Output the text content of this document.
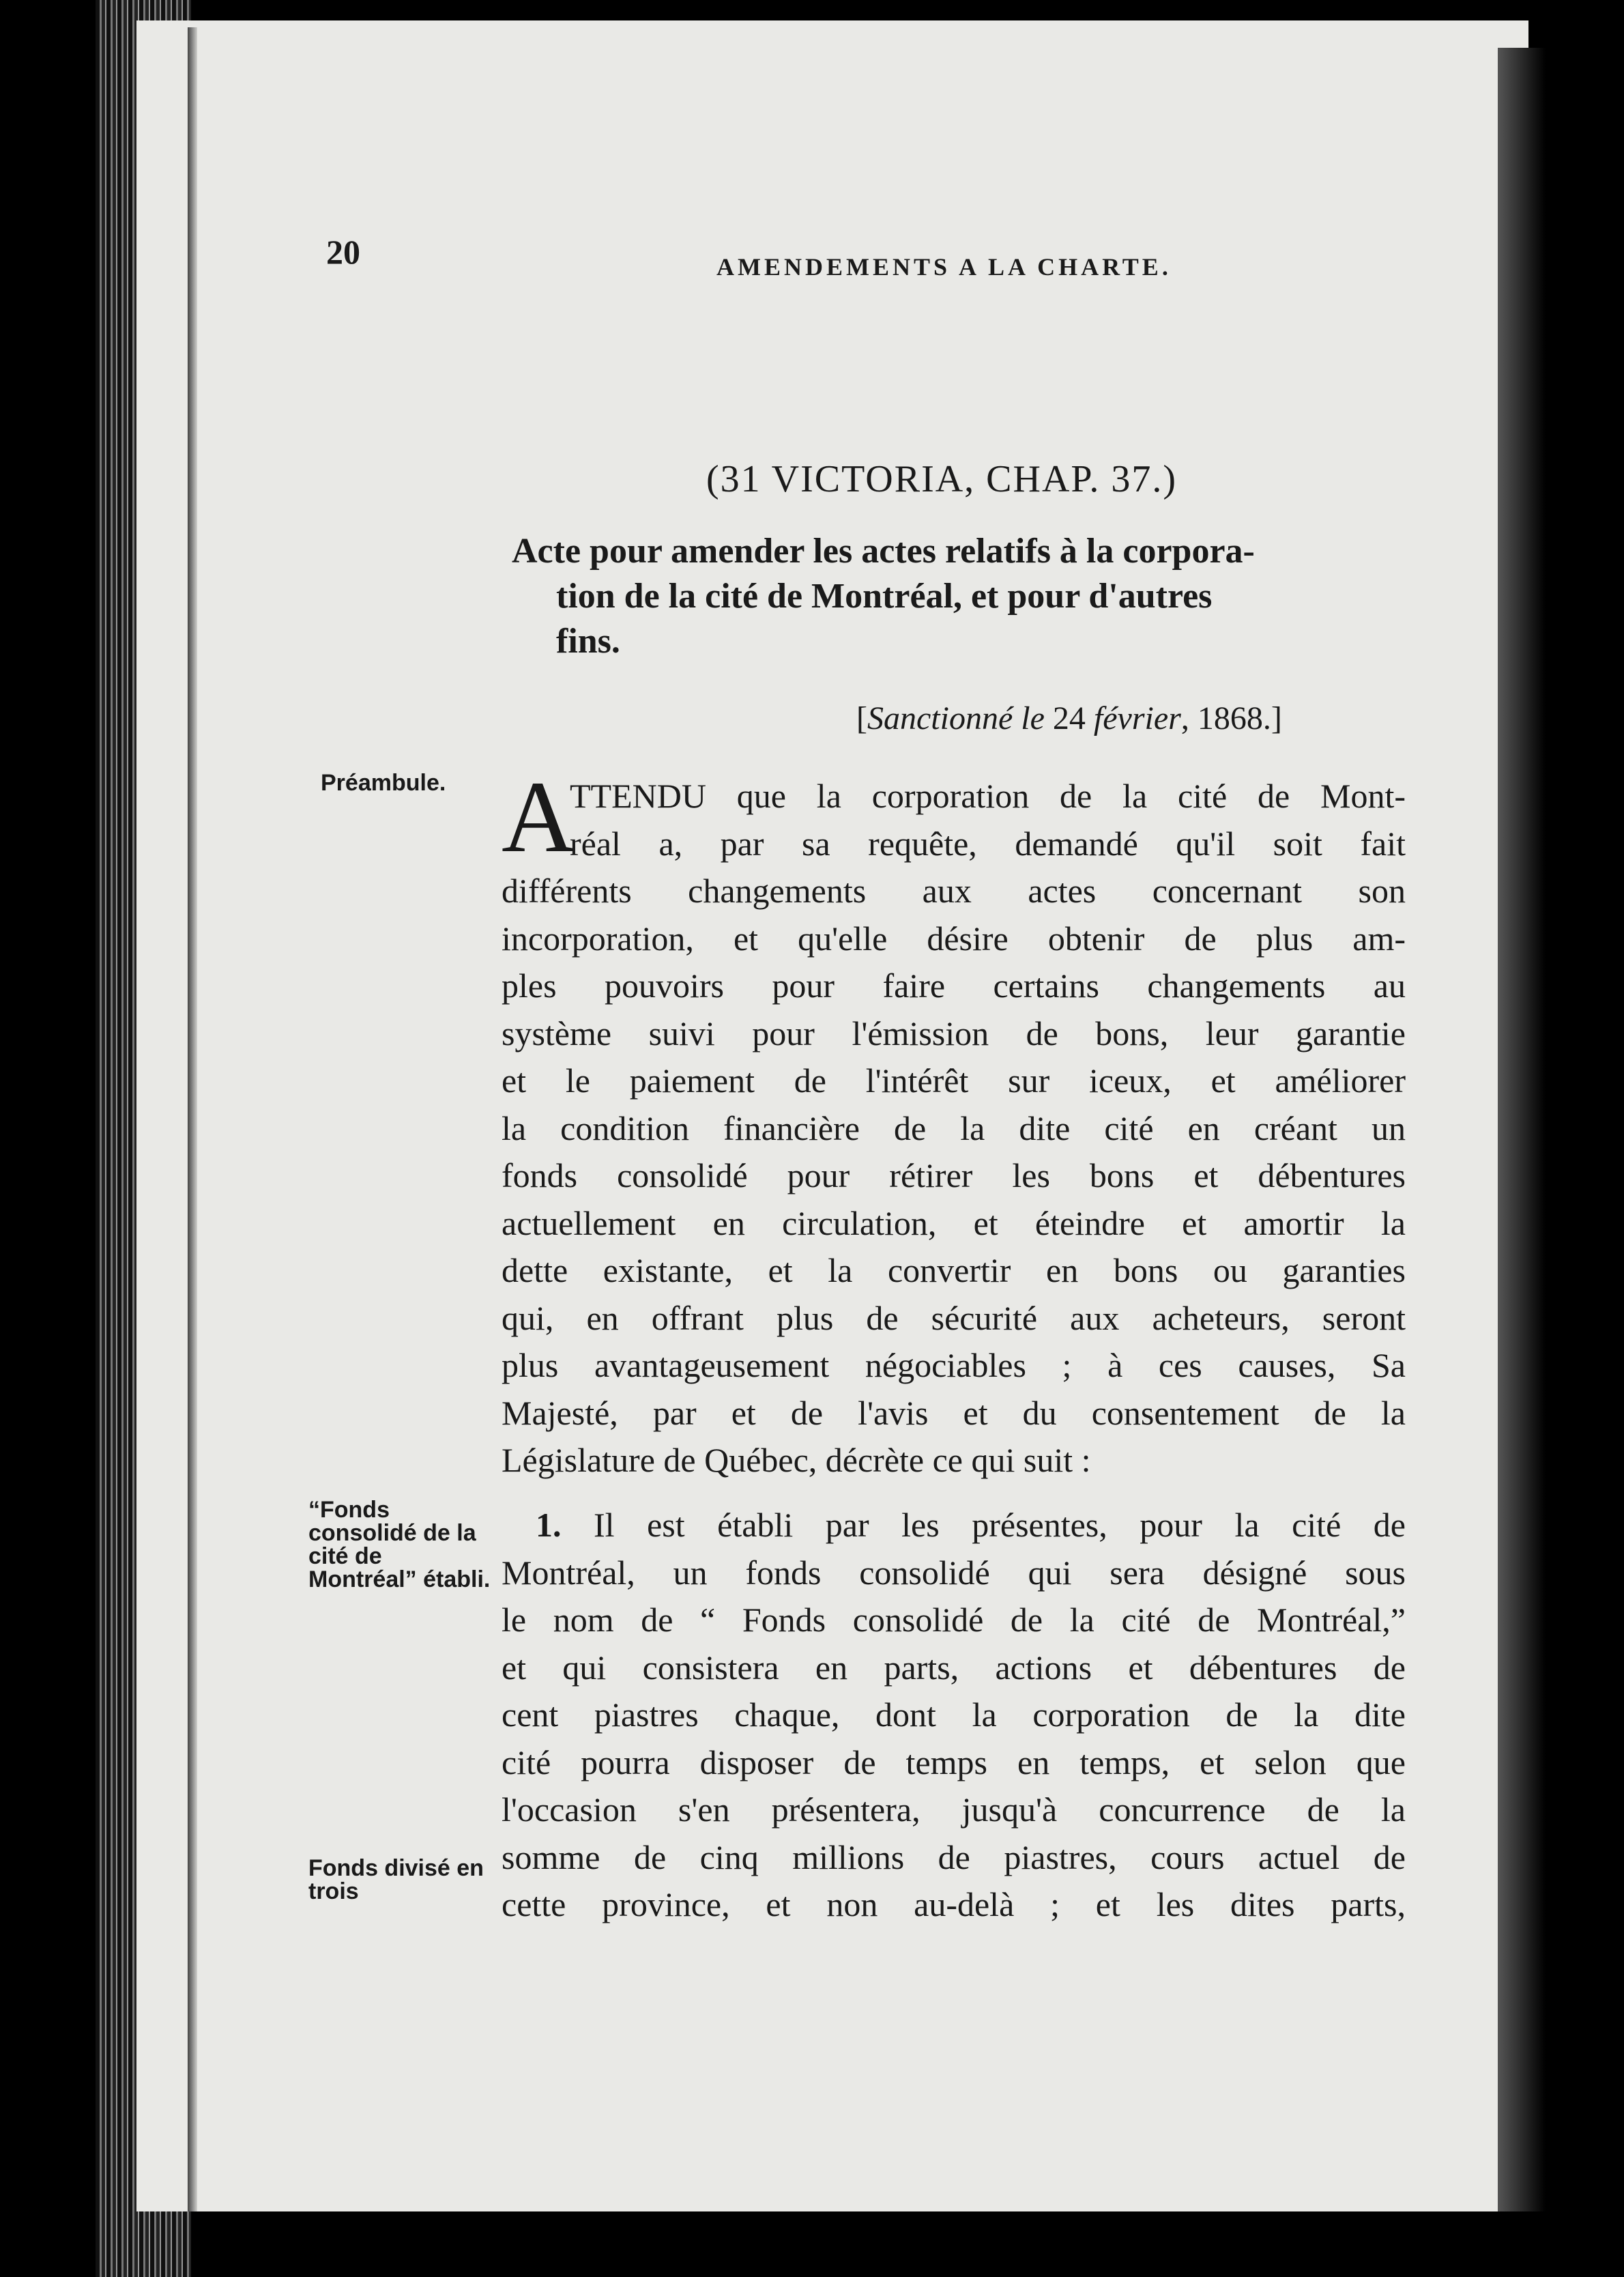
20	AMENDEMENTS A LA CHARTE.
(31 VICTORIA, CHAP. 37.)
Acte pour amender les actes relatifs à la corpora-
tion de la cité de Montréal, et pour d'autres
fins.
[Sanctionné le 24 février, 1868.]
Préambule.
“Fonds consolidé de la cité de Montréal” établi.
Fonds divisé en trois
A
TTENDU que la corporation de la cité de Mont-
réal a, par sa requête, demandé qu'il soit fait
différents changements aux actes concernant son
incorporation, et qu'elle désire obtenir de plus am-
ples pouvoirs pour faire certains changements au
système suivi pour l'émission de bons, leur garantie
et le paiement de l'intérêt sur iceux, et améliorer
la condition financière de la dite cité en créant un
fonds consolidé pour rétirer les bons et débentures
actuellement en circulation, et éteindre et amortir la
dette existante, et la convertir en bons ou garanties
qui, en offrant plus de sécurité aux acheteurs, seront
plus avantageusement négociables ; à ces causes, Sa
Majesté, par et de l'avis et du consentement de la
Législature de Québec, décrète ce qui suit :
1. Il est établi par les présentes, pour la cité de
Montréal, un fonds consolidé qui sera désigné sous
le nom de “ Fonds consolidé de la cité de Montréal,”
et qui consistera en parts, actions et débentures de
cent piastres chaque, dont la corporation de la dite
cité pourra disposer de temps en temps, et selon que
l'occasion s'en présentera, jusqu'à concurrence de la
somme de cinq millions de piastres, cours actuel de
cette province, et non au-delà ; et les dites parts,
